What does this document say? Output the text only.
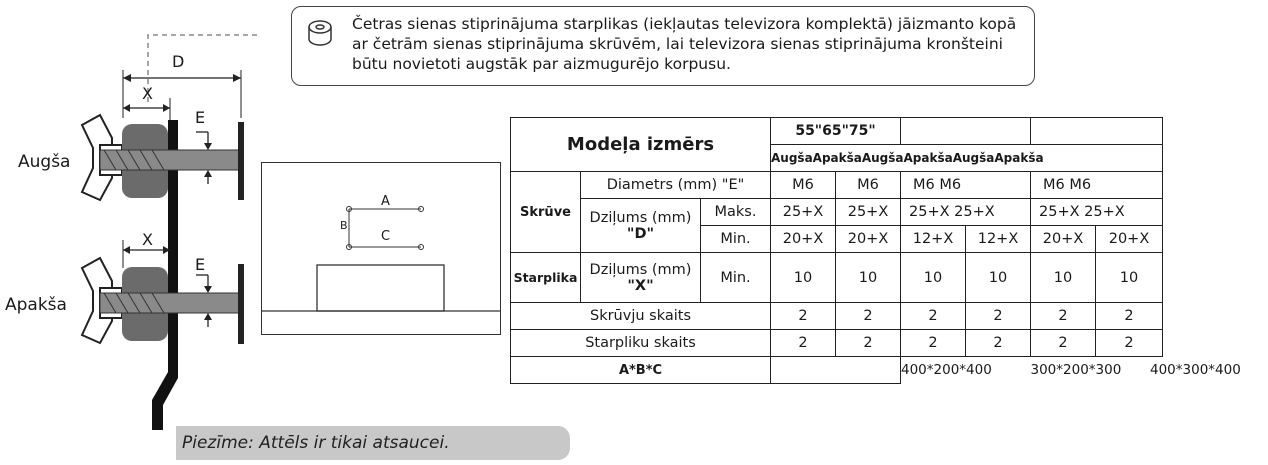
Četras sienas stiprinājuma starplikas (iekļautas televizora komplektā) jāizmanto kopā ar četrām sienas stiprinājuma skrūvēm, lai televizora sienas stiprinājuma kronšteini būtu novietoti augstāk par aizmugurējo korpusu.
D
X
E
X
E
Augša
Apakša
A
B
C
Modeļa izmērs			55"65"75"					
			AugšaApakšaAugšaApakšaAugšaApakša					
Skrūve	Diametrs (mm) "E"		M6	M6	M6 M6		M6 M6	

	Dziļums (mm)
"D"	Maks.	25+X	25+X	25+X 25+X		25+X 25+X	
		Min.	20+X	20+X	12+X	12+X	20+X	20+X
Starplika	Dziļums (mm)
"X"	Min.	10	10	10	10	10	10
Skrūvju skaits			2	2	2	2	2	2
Starpliku skaits			2	2	2	2	2	2
A*B*C					400*200*400		300*200*300	400*300*400
Piezīme: Attēls ir tikai atsaucei.
